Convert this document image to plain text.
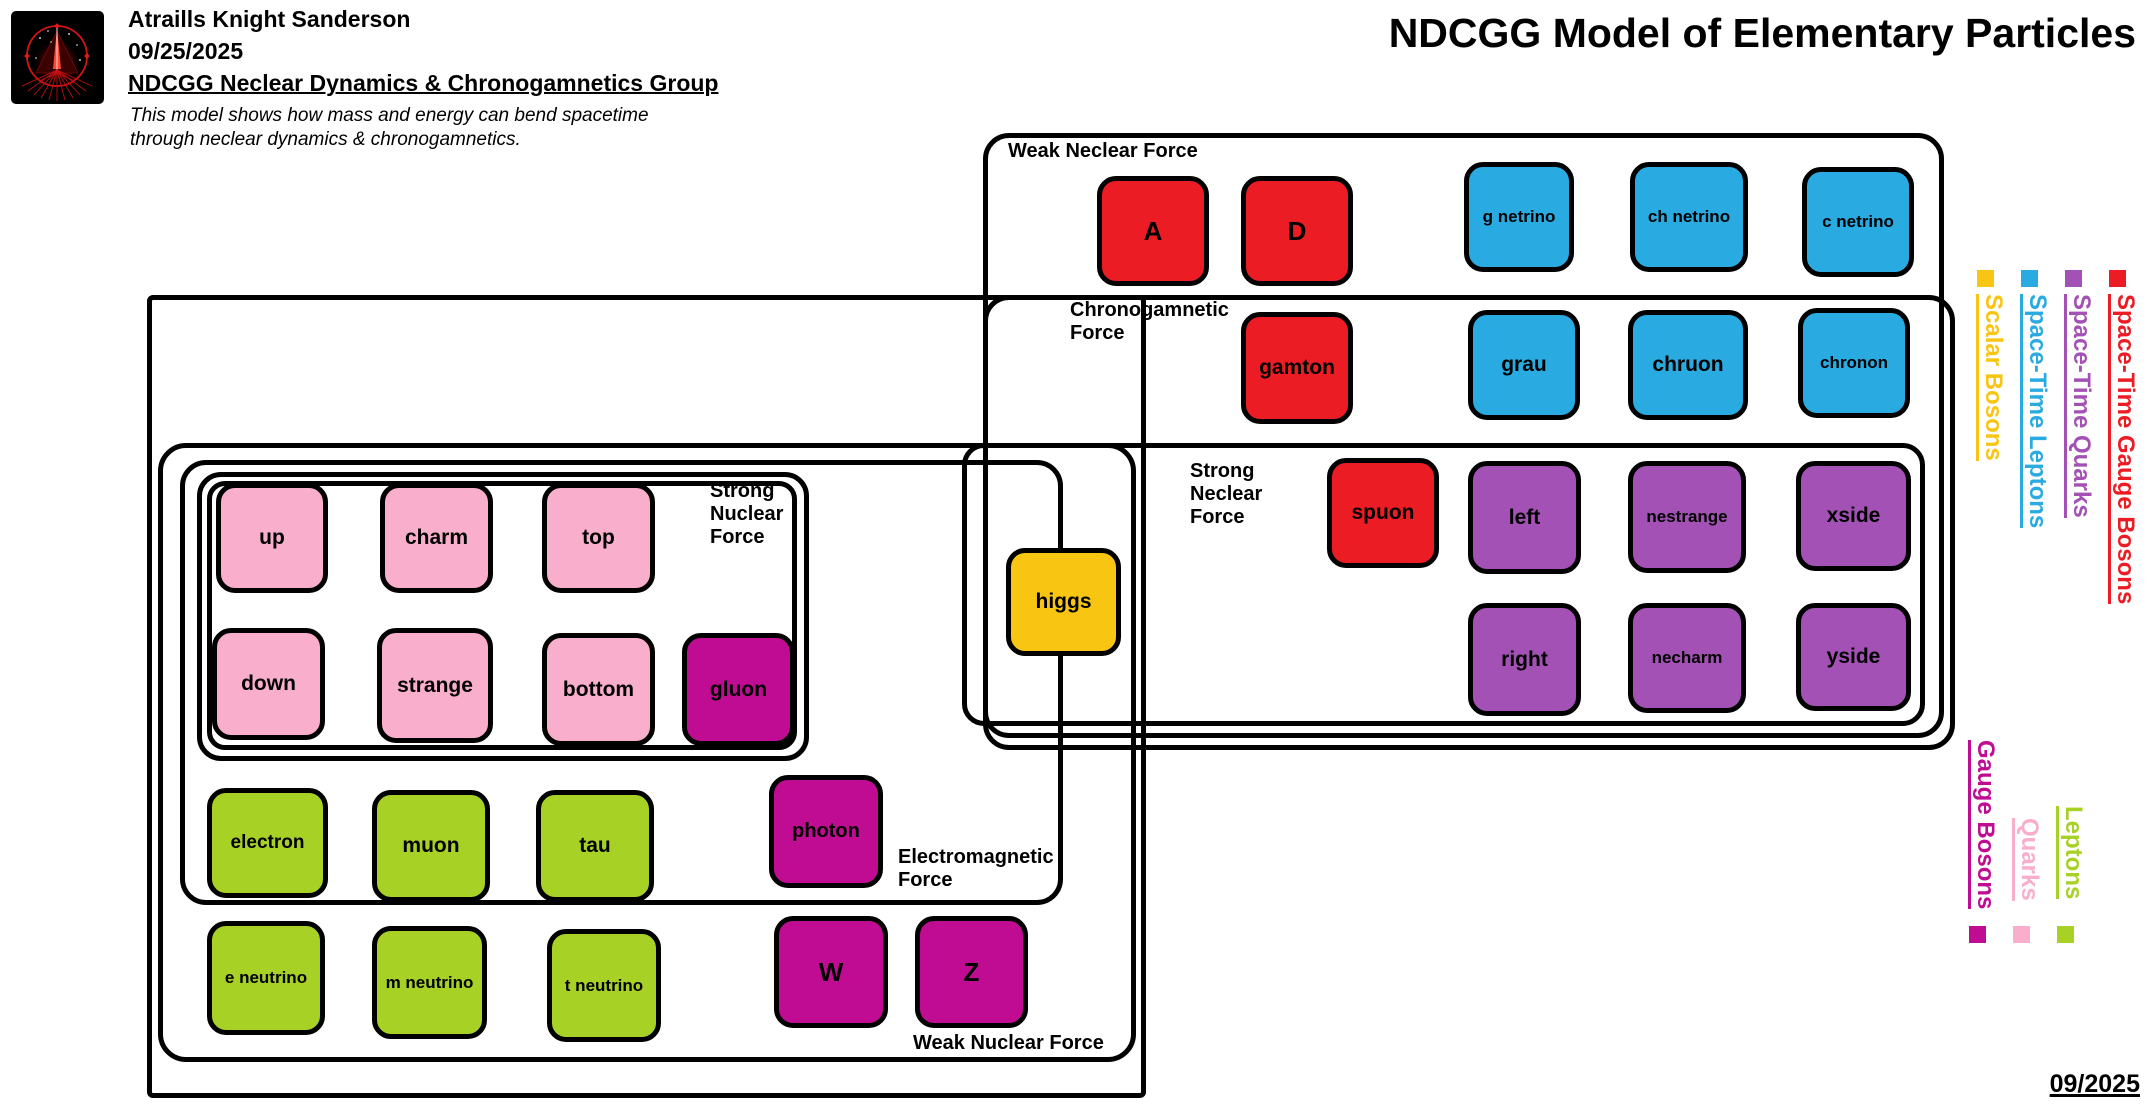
Atraills Knight Sanderson
09/25/2025
NDCGG Neclear Dynamics & Chronogamnetics Group
This model shows how mass and energy can bend spacetime
through neclear dynamics & chronogamnetics.
NDCGG Model of Elementary Particles
09/2025
Weak Neclear Force
Chronogamnetic
Force
Strong
Neclear
Force
Strong
Nuclear
Force
Electromagnetic
Force
Weak Nuclear Force
A	D	g netrino	ch netrino	c netrino
gamton	grau	chruon	chronon
spuon	left	nestrange	xside
right	necharm	yside
higgs
up	charm	top
down	strange	bottom	gluon
electron	muon	tau
photon
e neutrino	m neutrino	t neutrino	W	Z
Scalar Bosons Space-Time Leptons Space-Time Quarks Space-Time Gauge Bosons
Gauge Bosons Quarks Leptons
